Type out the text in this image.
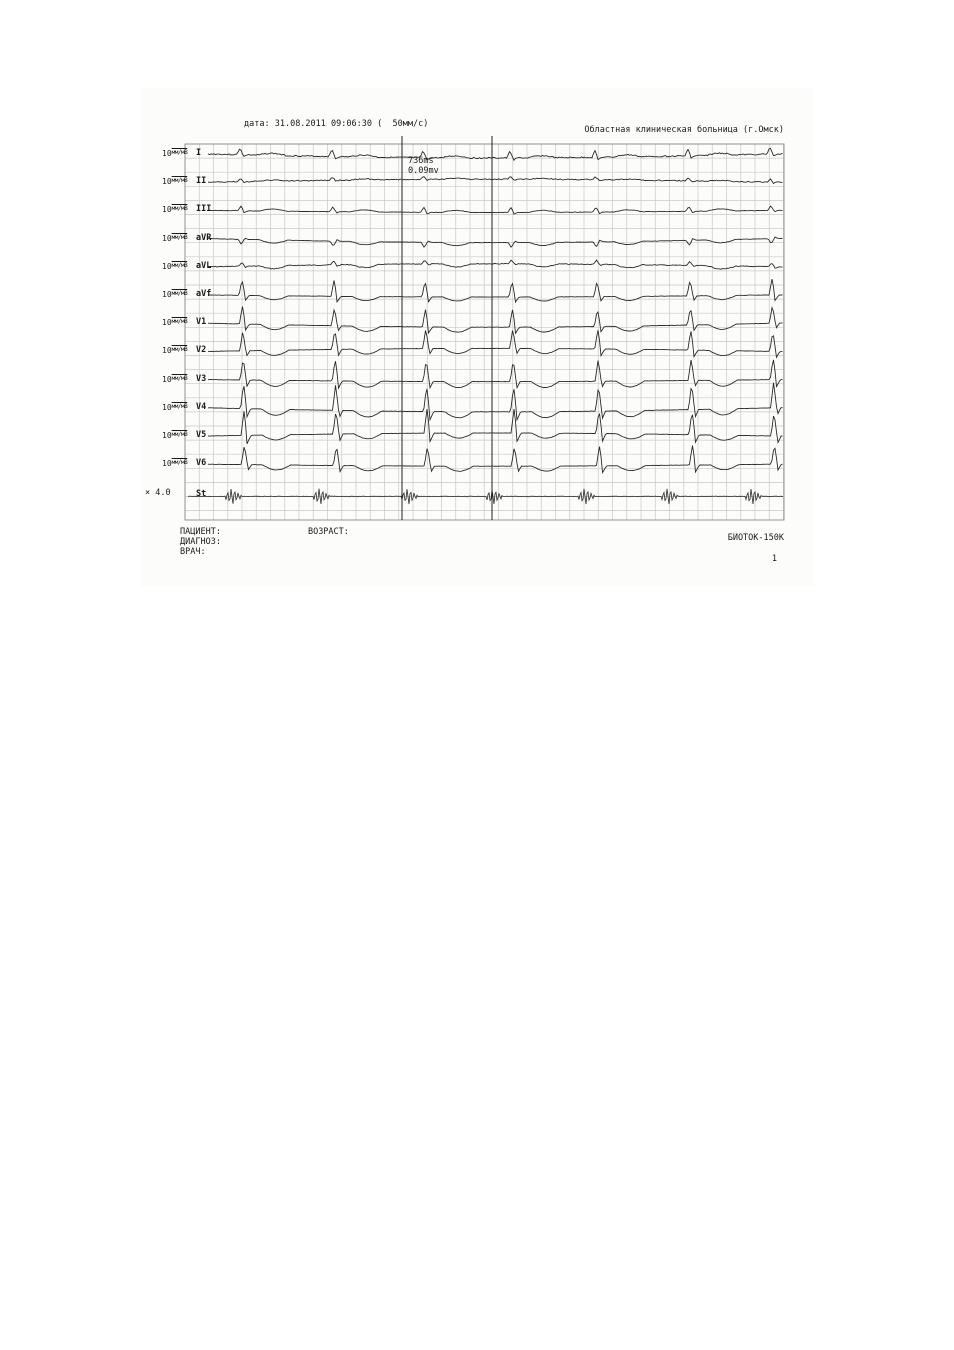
дата: 31.08.2011 09:06:30 ( 50мм/с)
Областная клиническая больница (г.Омск)
$10^{мм/мВ}$ I
$10^{мм/мВ}$ II
$10^{мм/мВ}$ III
$10^{мм/мВ}$ aVR
$10^{мм/мВ}$ aVL
$10^{мм/мВ}$ aVf
$10^{мм/мВ}$ V1
$10^{мм/мВ}$ V2
$10^{мм/мВ}$ V3
$10^{мм/мВ}$ V4
$10^{мм/мВ}$ V5
$10^{мм/мВ}$ V6
St
736ms
0.09mv
× 4.0
ПАЦИЕНТ:	ВОЗРАСТ:
ДИАГНОЗ:
ВРАЧ:
БИОТОК-150К
1
